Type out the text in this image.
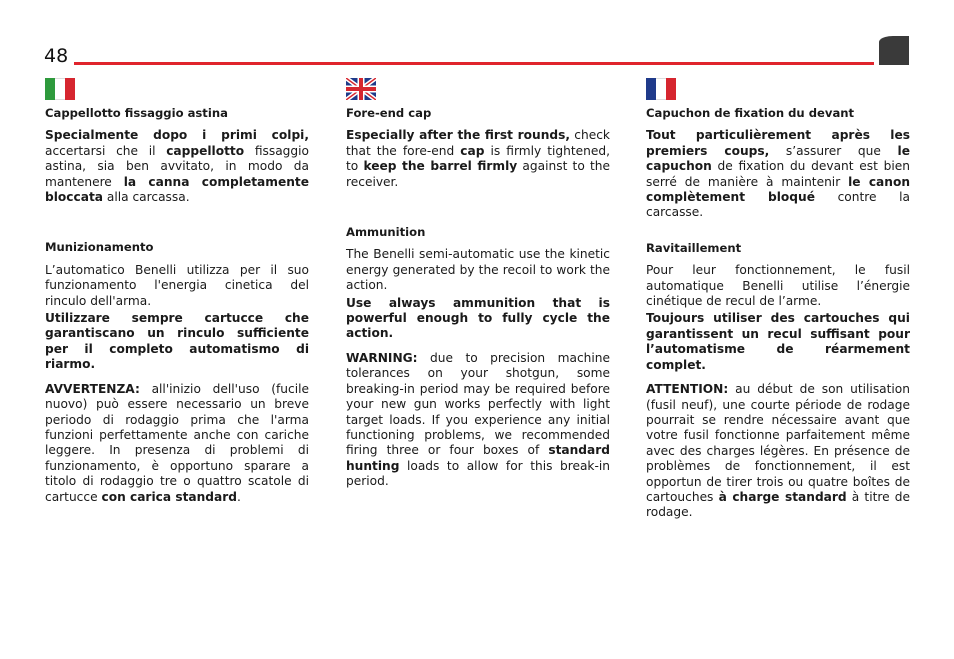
48
Cappellotto fissaggio astina

Specialmente dopo i primi colpi, accertarsi che il cappellotto fissaggio astina, sia ben avvitato, in modo da mantenere la canna completamente bloccata alla carcassa.

Munizionamento

L’automatico Benelli utilizza per il suo funzionamento l'energia cinetica del rinculo dell'arma.

Utilizzare sempre cartucce che garantiscano un rinculo sufficiente per il completo automatismo di riarmo.

AVVERTENZA: all'inizio dell'uso (fucile nuovo) può essere necessario un breve periodo di rodaggio prima che l'arma funzioni perfettamente anche con cariche leggere. In presenza di problemi di funzionamento, è opportuno sparare a titolo di rodaggio tre o quattro scatole di cartucce con carica standard.

Fore-end cap

Especially after the first rounds, check that the fore-end cap is firmly tightened, to keep the barrel firmly against to the receiver.

Ammunition

The Benelli semi-automatic use the kinetic energy generated by the recoil to work the action.

Use always ammunition that is powerful enough to fully cycle the action.

WARNING: due to precision machine tolerances on your shotgun, some breaking-in period may be required before your new gun works perfectly with light target loads. If you experience any initial functioning problems, we recommended firing three or four boxes of standard hunting loads to allow for this break-in period.

Capuchon de fixation du devant

Tout particulièrement après les premiers coups, s’assurer que le capuchon de fixation du devant est bien serré de manière à maintenir le canon complètement bloqué contre la carcasse.

Ravitaillement

Pour leur fonctionnement, le fusil automatique Benelli utilise l’énergie cinétique de recul de l’arme.

Toujours utiliser des cartouches qui garantissent un recul suffisant pour l’automatisme de réarmement complet.

ATTENTION: au début de son utilisation (fusil neuf), une courte période de rodage pourrait se rendre nécessaire avant que votre fusil fonctionne parfaitement même avec des charges légères. En présence de problèmes de fonctionnement, il est opportun de tirer trois ou quatre boîtes de cartouches à charge standard à titre de rodage.
